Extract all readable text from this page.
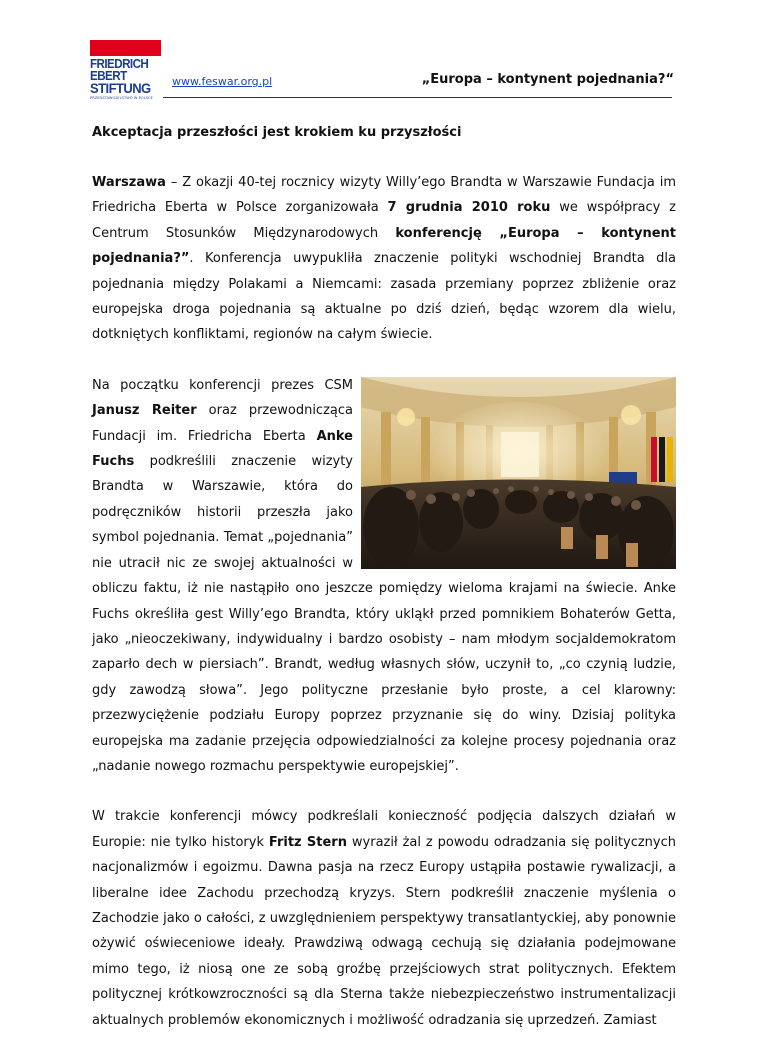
FRIEDRICH
EBERT
STIFTUNG
PRZEDSTAWICIELSTWO W POLSCE
www.feswar.org.pl	„Europa – kontynent pojednania?“
Akceptacja przeszłości jest krokiem ku przyszłości

Warszawa – Z okazji 40-tej rocznicy wizyty Willy’ego Brandta w Warszawie Fundacja im Friedricha Eberta w Polsce zorganizowała 7 grudnia 2010 roku we współpracy z Centrum Stosunków Międzynarodowych konferencję „Europa – kontynent pojednania?”. Konferencja uwypukliła znaczenie polityki wschodniej Brandta dla pojednania między Polakami a Niemcami: zasada przemiany poprzez zbliżenie oraz europejska droga pojednania są aktualne po dziś dzień, będąc wzorem dla wielu, dotkniętych konfliktami, regionów na całym świecie.

Na początku konferencji prezes CSM Janusz Reiter oraz przewodnicząca Fundacji im. Friedricha Eberta Anke Fuchs podkreślili znaczenie wizyty Brandta w Warszawie, która do podręczników historii przeszła jako symbol pojednania. Temat „pojednania” nie utracił nic ze swojej aktualności w obliczu faktu, iż nie nastąpiło ono jeszcze pomiędzy wieloma krajami na świecie. Anke Fuchs określiła gest Willy’ego Brandta, który ukląkł przed pomnikiem Bohaterów Getta, jako „nieoczekiwany, indywidualny i bardzo osobisty – nam młodym socjaldemokratom zaparło dech w piersiach”. Brandt, według własnych słów, uczynił to, „co czynią ludzie, gdy zawodzą słowa”. Jego polityczne przesłanie było proste, a cel klarowny: przezwyciężenie podziału Europy poprzez przyznanie się do winy. Dzisiaj polityka europejska ma zadanie przejęcia odpowiedzialności za kolejne procesy pojednania oraz „nadanie nowego rozmachu perspektywie europejskiej”.

W trakcie konferencji mówcy podkreślali konieczność podjęcia dalszych działań w Europie: nie tylko historyk Fritz Stern wyraził żal z powodu odradzania się politycznych nacjonalizmów i egoizmu. Dawna pasja na rzecz Europy ustąpiła postawie rywalizacji, a liberalne idee Zachodu przechodzą kryzys. Stern podkreślił znaczenie myślenia o Zachodzie jako o całości, z uwzględnieniem perspektywy transatlantyckiej, aby ponownie ożywić oświeceniowe ideały. Prawdziwą odwagą cechują się działania podejmowane mimo tego, iż niosą one ze sobą groźbę przejściowych strat politycznych. Efektem politycznej krótkowzroczności są dla Sterna także niebezpieczeństwo instrumentalizacji aktualnych problemów ekonomicznych i możliwość odradzania się uprzedzeń. Zamiast
